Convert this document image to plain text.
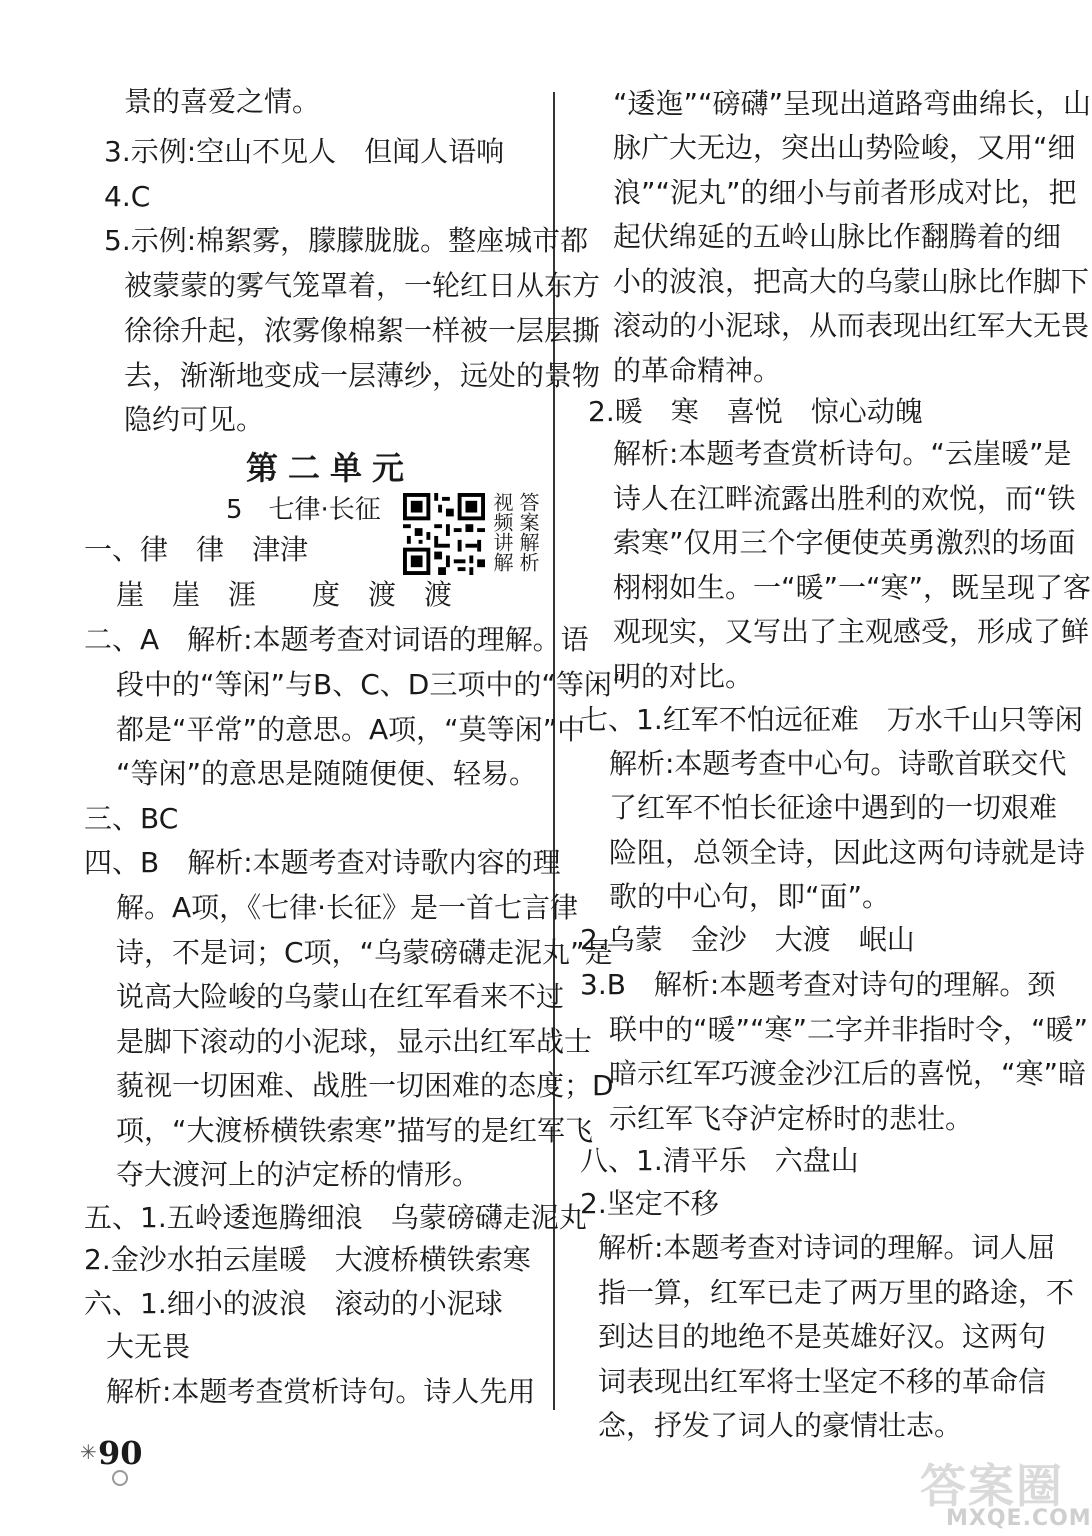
景的喜爱之情。
3.示例:空山不见人　但闻人语响
4.C
5.示例:棉絮雾，朦朦胧胧。整座城市都
被蒙蒙的雾气笼罩着，一轮红日从东方
徐徐升起，浓雾像棉絮一样被一层层撕
去，渐渐地变成一层薄纱，远处的景物
隐约可见。
第二单元
5　七律·长征	视频讲解 答案解析
一、律　律　津津
崖　崖　涯　　度　渡　渡
二、A　解析:本题考查对词语的理解。语
段中的“等闲”与B、C、D三项中的“等闲”
都是“平常”的意思。A项，“莫等闲”中
“等闲”的意思是随随便便、轻易。
三、BC
四、B　解析:本题考查对诗歌内容的理
解。A项，《七律·长征》是一首七言律
诗，不是词；C项，“乌蒙磅礴走泥丸”是
说高大险峻的乌蒙山在红军看来不过
是脚下滚动的小泥球，显示出红军战士
藐视一切困难、战胜一切困难的态度；D
项，“大渡桥横铁索寒”描写的是红军飞
夺大渡河上的泸定桥的情形。
五、1.五岭逶迤腾细浪　乌蒙磅礴走泥丸
2.金沙水拍云崖暖　大渡桥横铁索寒
六、1.细小的波浪　滚动的小泥球
大无畏
解析:本题考查赏析诗句。诗人先用
“逶迤”“磅礴”呈现出道路弯曲绵长，山
脉广大无边，突出山势险峻，又用“细
浪”“泥丸”的细小与前者形成对比，把
起伏绵延的五岭山脉比作翻腾着的细
小的波浪，把高大的乌蒙山脉比作脚下
滚动的小泥球，从而表现出红军大无畏
的革命精神。
2.暖　寒　喜悦　惊心动魄
解析:本题考查赏析诗句。“云崖暖”是
诗人在江畔流露出胜利的欢悦，而“铁
索寒”仅用三个字便使英勇激烈的场面
栩栩如生。一“暖”一“寒”，既呈现了客
观现实，又写出了主观感受，形成了鲜
明的对比。
七、1.红军不怕远征难　万水千山只等闲
解析:本题考查中心句。诗歌首联交代
了红军不怕长征途中遇到的一切艰难
险阻，总领全诗，因此这两句诗就是诗
歌的中心句，即“面”。
2.乌蒙　金沙　大渡　岷山
3.B　解析:本题考查对诗句的理解。颈
联中的“暖”“寒”二字并非指时令，“暖”
暗示红军巧渡金沙江后的喜悦，“寒”暗
示红军飞夺泸定桥时的悲壮。
八、1.清平乐　六盘山
2.坚定不移
解析:本题考查对诗词的理解。词人屈
指一算，红军已走了两万里的路途，不
到达目的地绝不是英雄好汉。这两句
词表现出红军将士坚定不移的革命信
念，抒发了词人的豪情壮志。
✳ 90
答案圈
MXQE.COM
